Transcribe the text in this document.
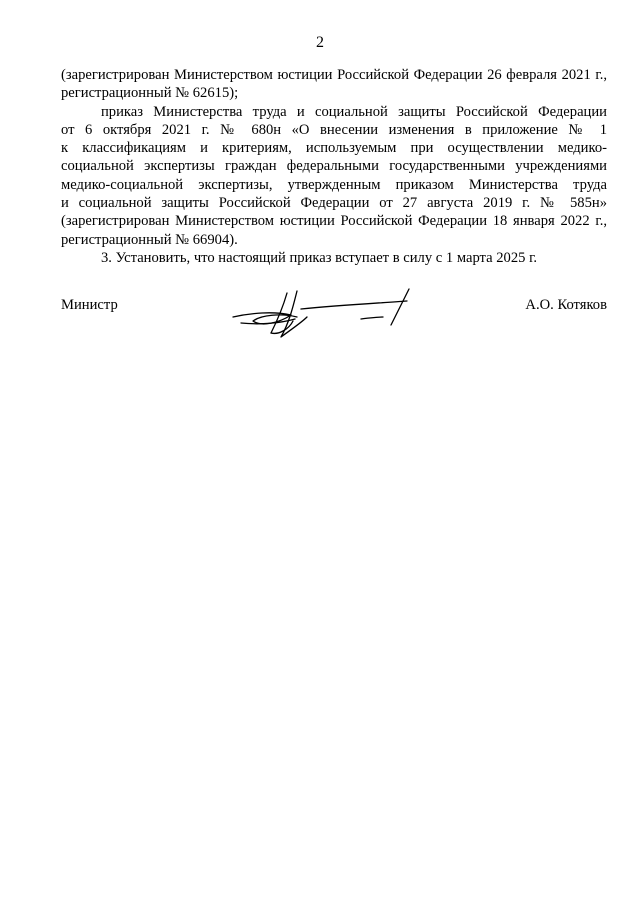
2

(зарегистрирован Министерством юстиции Российской Федерации 26 февраля 2021 г.,
регистрационный № 62615);

приказ Министерства труда и социальной защиты Российской Федерации
от 6 октября 2021 г. № 680н «О внесении изменения в приложение № 1
к классификациям и критериям, используемым при осуществлении медико-
социальной экспертизы граждан федеральными государственными учреждениями
медико-социальной экспертизы, утвержденным приказом Министерства труда
и социальной защиты Российской Федерации от 27 августа 2019 г. № 585н»
(зарегистрирован Министерством юстиции Российской Федерации 18 января 2022 г.,
регистрационный № 66904).

3. Установить, что настоящий приказ вступает в силу с 1 марта 2025 г.

Министр	А.О. Котяков
